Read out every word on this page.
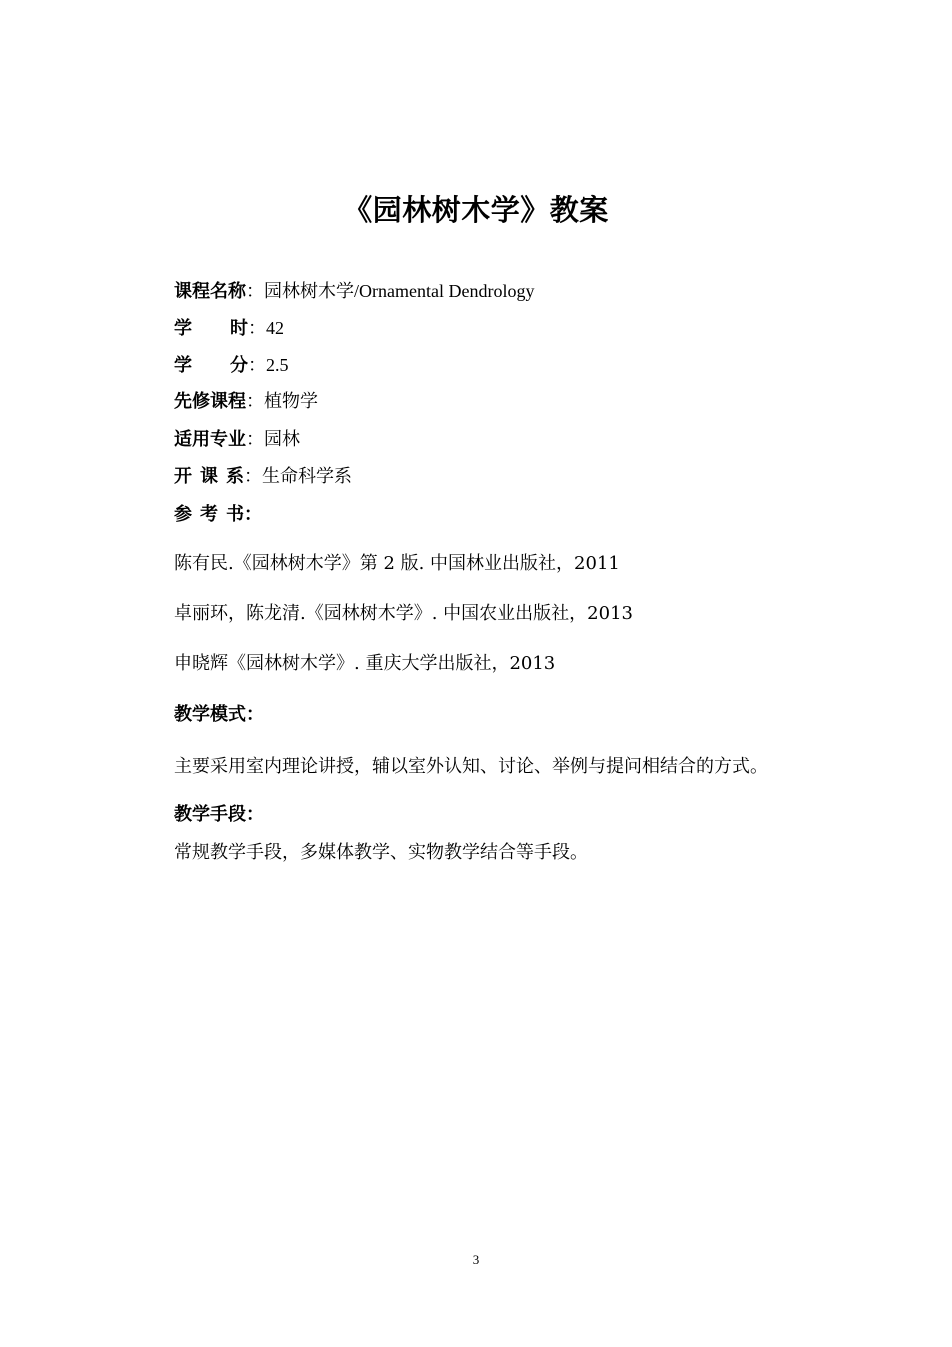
《园林树木学》教案
课程名称：园林树木学/Ornamental Dendrology
学 时：42
学 分：2.5
先修课程：植物学
适用专业：园林
开 课 系：生命科学系
参 考 书：
陈有民.《园林树木学》第 2 版. 中国林业出版社，2011
卓丽环，陈龙清.《园林树木学》. 中国农业出版社，2013
申晓辉《园林树木学》. 重庆大学出版社，2013
教学模式：
主要采用室内理论讲授，辅以室外认知、讨论、举例与提问相结合的方式。
教学手段：
常规教学手段，多媒体教学、实物教学结合等手段。
3
